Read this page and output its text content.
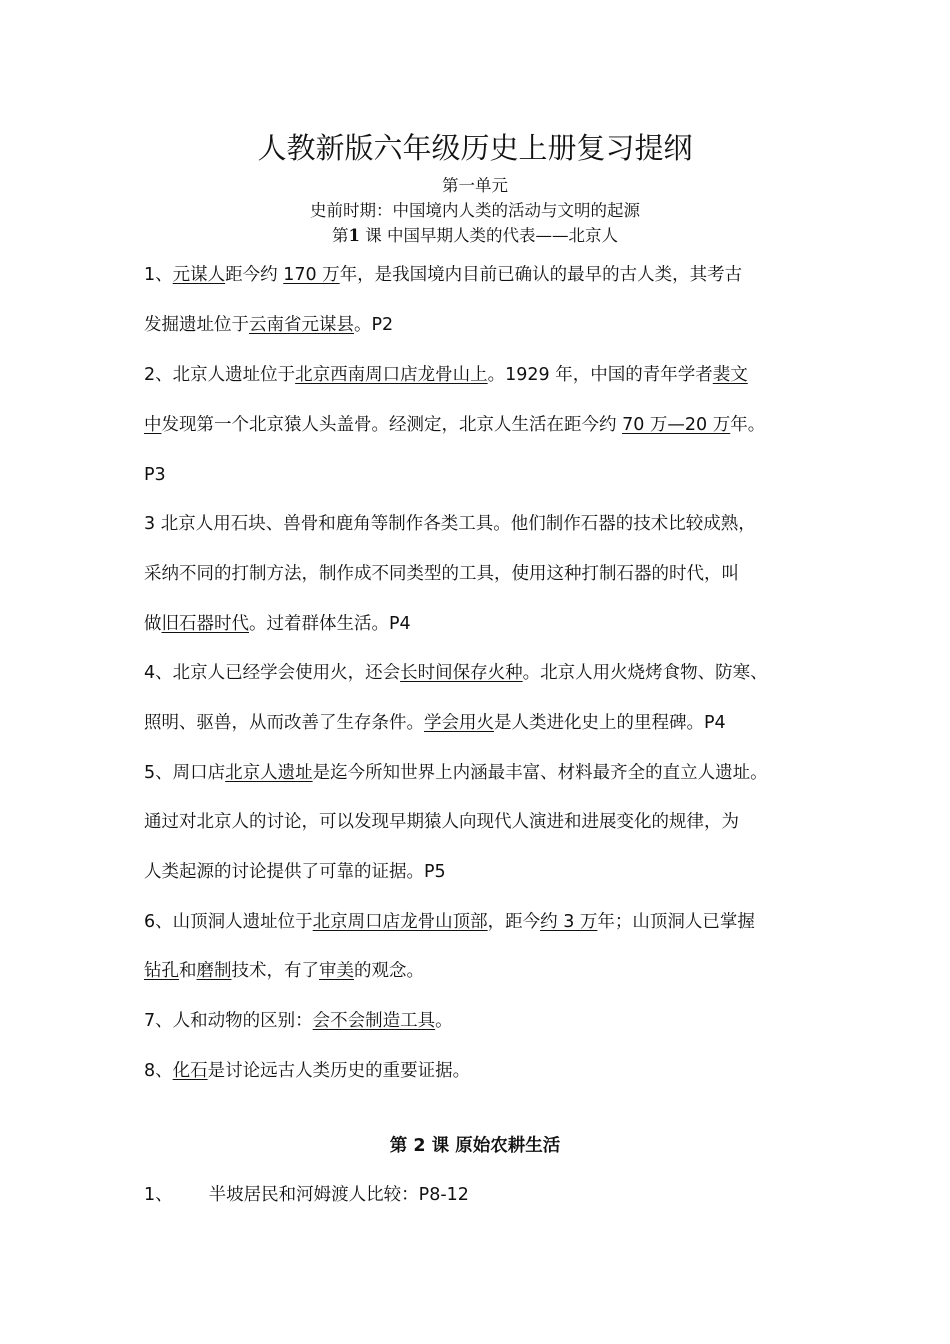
人教新版六年级历史上册复习提纲
第一单元
史前时期：中国境内人类的活动与文明的起源
第1 课 中国早期人类的代表——北京人
1、元谋人距今约 170 万年，是我国境内目前已确认的最早的古人类，其考古
发掘遗址位于云南省元谋县。P2
2、北京人遗址位于北京西南周口店龙骨山上。1929 年，中国的青年学者裴文
中发现第一个北京猿人头盖骨。经测定，北京人生活在距今约 70 万—20 万年。
P3
3 北京人用石块、兽骨和鹿角等制作各类工具。他们制作石器的技术比较成熟，
采纳不同的打制方法，制作成不同类型的工具，使用这种打制石器的时代，叫
做旧石器时代。过着群体生活。P4
4、北京人已经学会使用火，还会长时间保存火种。北京人用火烧烤食物、防寒、
照明、驱兽，从而改善了生存条件。学会用火是人类进化史上的里程碑。P4
5、周口店北京人遗址是迄今所知世界上内涵最丰富、材料最齐全的直立人遗址。
通过对北京人的讨论，可以发现早期猿人向现代人演进和进展变化的规律，为
人类起源的讨论提供了可靠的证据。P5
6、山顶洞人遗址位于北京周口店龙骨山顶部，距今约 3 万年；山顶洞人已掌握
钻孔和磨制技术，有了审美的观念。
7、人和动物的区别：会不会制造工具。
8、化石是讨论远古人类历史的重要证据。
第 2 课 原始农耕生活
1、 半坡居民和河姆渡人比较：P8-12
